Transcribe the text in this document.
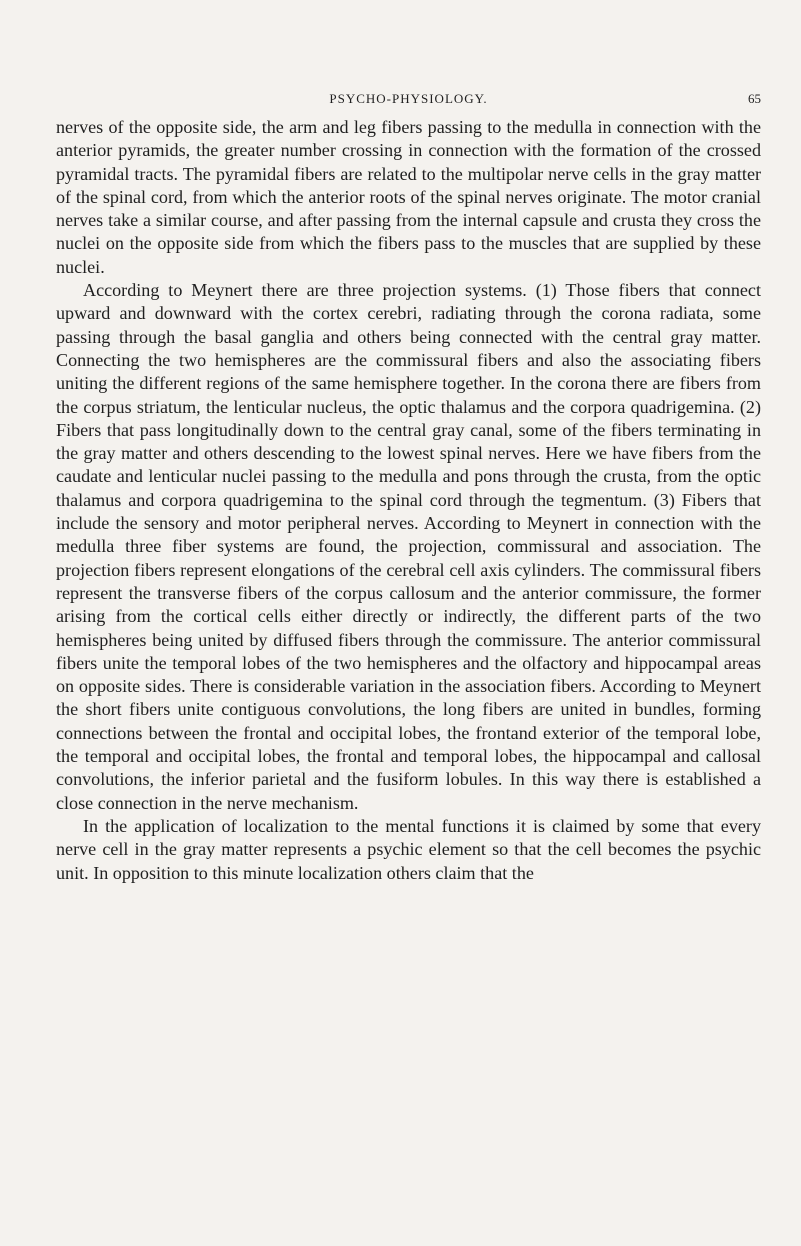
PSYCHO-PHYSIOLOGY.	65

nerves of the opposite side, the arm and leg fibers passing to the medulla in connection with the anterior pyramids, the greater number crossing in connection with the formation of the crossed pyramidal tracts. The pyramidal fibers are related to the multipolar nerve cells in the gray matter of the spinal cord, from which the anterior roots of the spinal nerves originate. The motor cranial nerves take a similar course, and after passing from the internal capsule and crusta they cross the nuclei on the opposite side from which the fibers pass to the muscles that are supplied by these nuclei.

According to Meynert there are three projection systems. (1) Those fibers that connect upward and downward with the cortex cerebri, radiating through the corona radiata, some passing through the basal ganglia and others being connected with the central gray matter. Connecting the two hemispheres are the commissural fibers and also the associating fibers uniting the different regions of the same hemisphere together. In the corona there are fibers from the corpus striatum, the lenticular nucleus, the optic thalamus and the corpora quadrigemina. (2) Fibers that pass longitudinally down to the central gray canal, some of the fibers terminating in the gray matter and others descending to the lowest spinal nerves. Here we have fibers from the caudate and lenticular nuclei passing to the medulla and pons through the crusta, from the optic thalamus and corpora quadrigemina to the spinal cord through the tegmentum. (3) Fibers that include the sensory and motor peripheral nerves. According to Meynert in connection with the medulla three fiber systems are found, the projection, commissural and association. The projection fibers represent elongations of the cerebral cell axis cylinders. The commissural fibers represent the transverse fibers of the corpus callosum and the anterior commissure, the former arising from the cortical cells either directly or indirectly, the different parts of the two hemispheres being united by diffused fibers through the commissure. The anterior commissural fibers unite the temporal lobes of the two hemispheres and the olfactory and hippocampal areas on opposite sides. There is considerable variation in the association fibers. According to Meynert the short fibers unite contiguous convolutions, the long fibers are united in bundles, forming connections between the frontal and occipital lobes, the frontand exterior of the temporal lobe, the temporal and occipital lobes, the frontal and temporal lobes, the hippocampal and callosal convolutions, the inferior parietal and the fusiform lobules. In this way there is established a close connection in the nerve mechanism.

In the application of localization to the mental functions it is claimed by some that every nerve cell in the gray matter represents a psychic element so that the cell becomes the psychic unit. In opposition to this minute localization others claim that the
